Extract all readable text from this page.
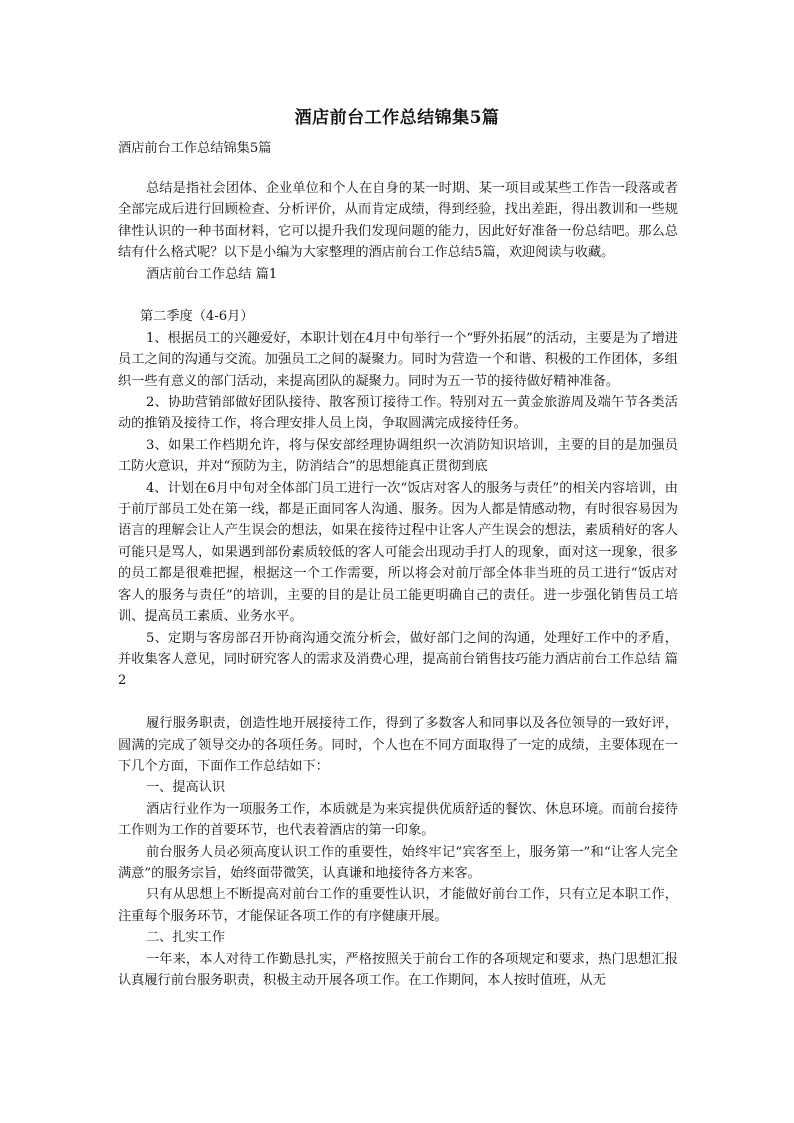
酒店前台工作总结锦集5篇
酒店前台工作总结锦集5篇

总结是指社会团体、企业单位和个人在自身的某一时期、某一项目或某些工作告一段落或者全部完成后进行回顾检查、分析评价，从而肯定成绩，得到经验，找出差距，得出教训和一些规律性认识的一种书面材料，它可以提升我们发现问题的能力，因此好好准备一份总结吧。那么总结有什么格式呢？以下是小编为大家整理的酒店前台工作总结5篇，欢迎阅读与收藏。

酒店前台工作总结 篇1

第二季度（4-6月）

1、根据员工的兴趣爱好，本职计划在4月中旬举行一个“野外拓展”的活动，主要是为了增进员工之间的沟通与交流。加强员工之间的凝聚力。同时为营造一个和谐、积极的工作团体，多组织一些有意义的部门活动，来提高团队的凝聚力。同时为五一节的接待做好精神准备。

2、协助营销部做好团队接待、散客预订接待工作。特别对五一黄金旅游周及端午节各类活动的推销及接待工作，将合理安排人员上岗，争取圆满完成接待任务。

3、如果工作档期允许，将与保安部经理协调组织一次消防知识培训，主要的目的是加强员工防火意识，并对“预防为主，防消结合”的思想能真正贯彻到底

4、计划在6月中旬对全体部门员工进行一次“饭店对客人的服务与责任”的相关内容培训，由于前厅部员工处在第一线，都是正面同客人沟通、服务。因为人都是情感动物，有时很容易因为语言的理解会让人产生误会的想法，如果在接待过程中让客人产生误会的想法，素质稍好的客人可能只是骂人，如果遇到部份素质较低的客人可能会出现动手打人的现象，面对这一现象，很多的员工都是很难把握，根据这一个工作需要，所以将会对前厅部全体非当班的员工进行“饭店对客人的服务与责任”的培训，主要的目的是让员工能更明确自己的责任。进一步强化销售员工培训、提高员工素质、业务水平。

5、定期与客房部召开协商沟通交流分析会，做好部门之间的沟通，处理好工作中的矛盾，并收集客人意见，同时研究客人的需求及消费心理，提高前台销售技巧能力酒店前台工作总结 篇2

履行服务职责，创造性地开展接待工作，得到了多数客人和同事以及各位领导的一致好评，圆满的完成了领导交办的各项任务。同时，个人也在不同方面取得了一定的成绩，主要体现在一下几个方面，下面作工作总结如下：

一、提高认识

酒店行业作为一项服务工作，本质就是为来宾提供优质舒适的餐饮、休息环境。而前台接待工作则为工作的首要环节，也代表着酒店的第一印象。

前台服务人员必须高度认识工作的重要性，始终牢记“宾客至上，服务第一”和“让客人完全满意”的服务宗旨，始终面带微笑，认真谦和地接待各方来客。

只有从思想上不断提高对前台工作的重要性认识，才能做好前台工作，只有立足本职工作，注重每个服务环节，才能保证各项工作的有序健康开展。

二、扎实工作

一年来，本人对待工作勤恳扎实，严格按照关于前台工作的各项规定和要求，热门思想汇报认真履行前台服务职责，积极主动开展各项工作。在工作期间，本人按时值班，从无
